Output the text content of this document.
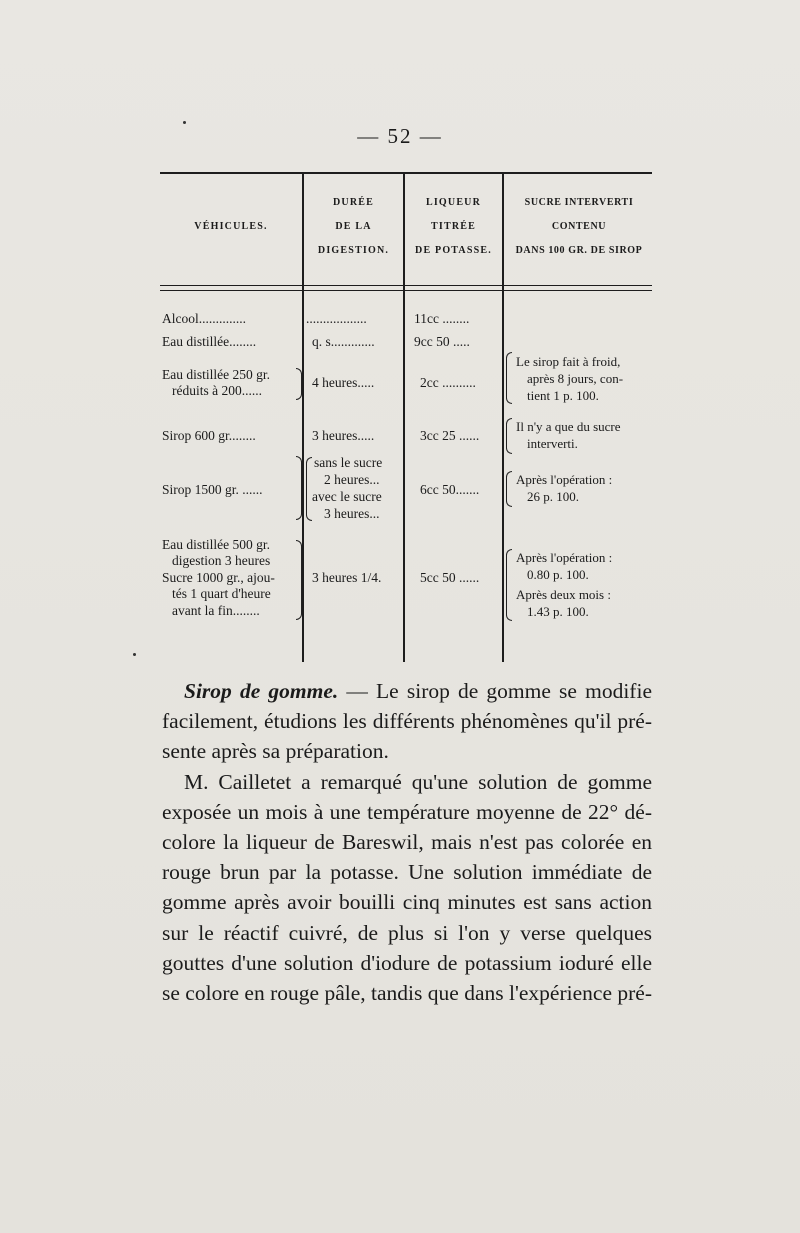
— 52 —
VÉHICULES.
DURÉE
DE LA
DIGESTION.
LIQUEUR
TITRÉE
DE POTASSE.
SUCRE INTERVERTI
CONTENU
DANS 100 GR. DE SIROP
Alcool..............
Eau distillée........
Eau distillée 250 gr.
réduits à 200......
Sirop 600 gr........
Sirop 1500 gr. ......
Eau distillée 500 gr.
digestion 3 heures
Sucre 1000 gr., ajou-
tés 1 quart d'heure
avant la fin........
..................
q. s.............
4 heures.....
3 heures.....
sans le sucre
2 heures...
avec le sucre
3 heures...
3 heures 1/4.
11cc ........
9cc 50 .....
2cc ..........
3cc 25 ......
6cc 50.......
5cc 50 ......
Le sirop fait à froid,
après 8 jours, con-
tient 1 p. 100.
Il n'y a que du sucre
interverti.
Après l'opération :
26 p. 100.
Après l'opération :
0.80 p. 100.
Après deux mois :
1.43 p. 100.
Sirop de gomme. — Le sirop de gomme se modifie
facilement, étudions les différents phénomènes qu'il pré-
sente après sa préparation.
M. Cailletet a remarqué qu'une solution de gomme
exposée un mois à une température moyenne de 22° dé-
colore la liqueur de Bareswil, mais n'est pas colorée en
rouge brun par la potasse. Une solution immédiate de
gomme après avoir bouilli cinq minutes est sans action
sur le réactif cuivré, de plus si l'on y verse quelques
gouttes d'une solution d'iodure de potassium ioduré elle
se colore en rouge pâle, tandis que dans l'expérience pré-
